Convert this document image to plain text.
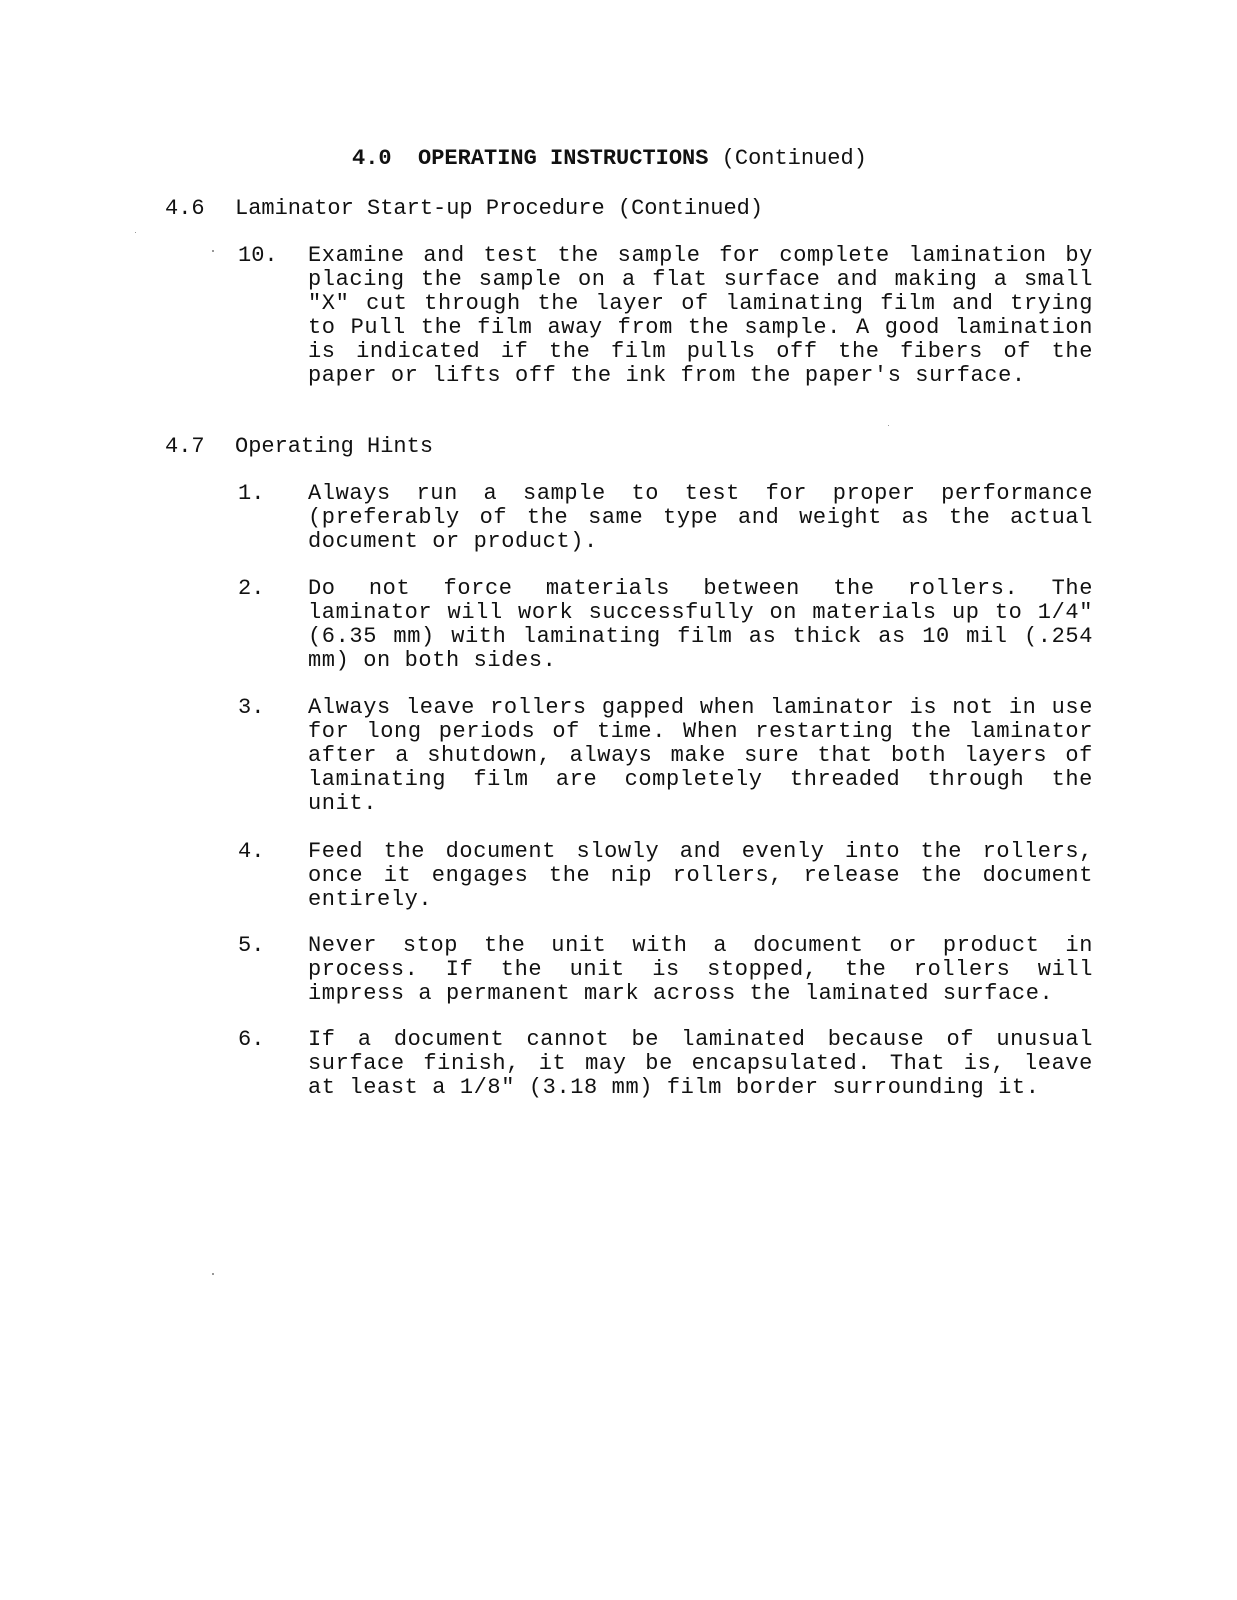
4.0 OPERATING INSTRUCTIONS (Continued)
4.6 Laminator Start-up Procedure (Continued)
10.	Examine and test the sample for complete lamination by placing the sample on a flat surface and making a small "X" cut through the layer of laminating film and trying to Pull the film away from the sample. A good lamination is indicated if the film pulls off the fibers of the paper or lifts off the ink from the paper's surface.
4.7 Operating Hints
1.	Always run a sample to test for proper performance (preferably of the same type and weight as the actual document or product).
2.	Do not force materials between the rollers. The laminator will work successfully on materials up to 1/4" (6.35 mm) with laminating film as thick as 10 mil (.254 mm) on both sides.
3.	Always leave rollers gapped when laminator is not in use for long periods of time. When restarting the laminator after a shutdown, always make sure that both layers of laminating film are completely threaded through the unit.
4.	Feed the document slowly and evenly into the rollers, once it engages the nip rollers, release the document entirely.
5.	Never stop the unit with a document or product in process. If the unit is stopped, the rollers will impress a permanent mark across the laminated surface.
6.	If a document cannot be laminated because of unusual surface finish, it may be encapsulated. That is, leave at least a 1/8" (3.18 mm) film border surrounding it.
